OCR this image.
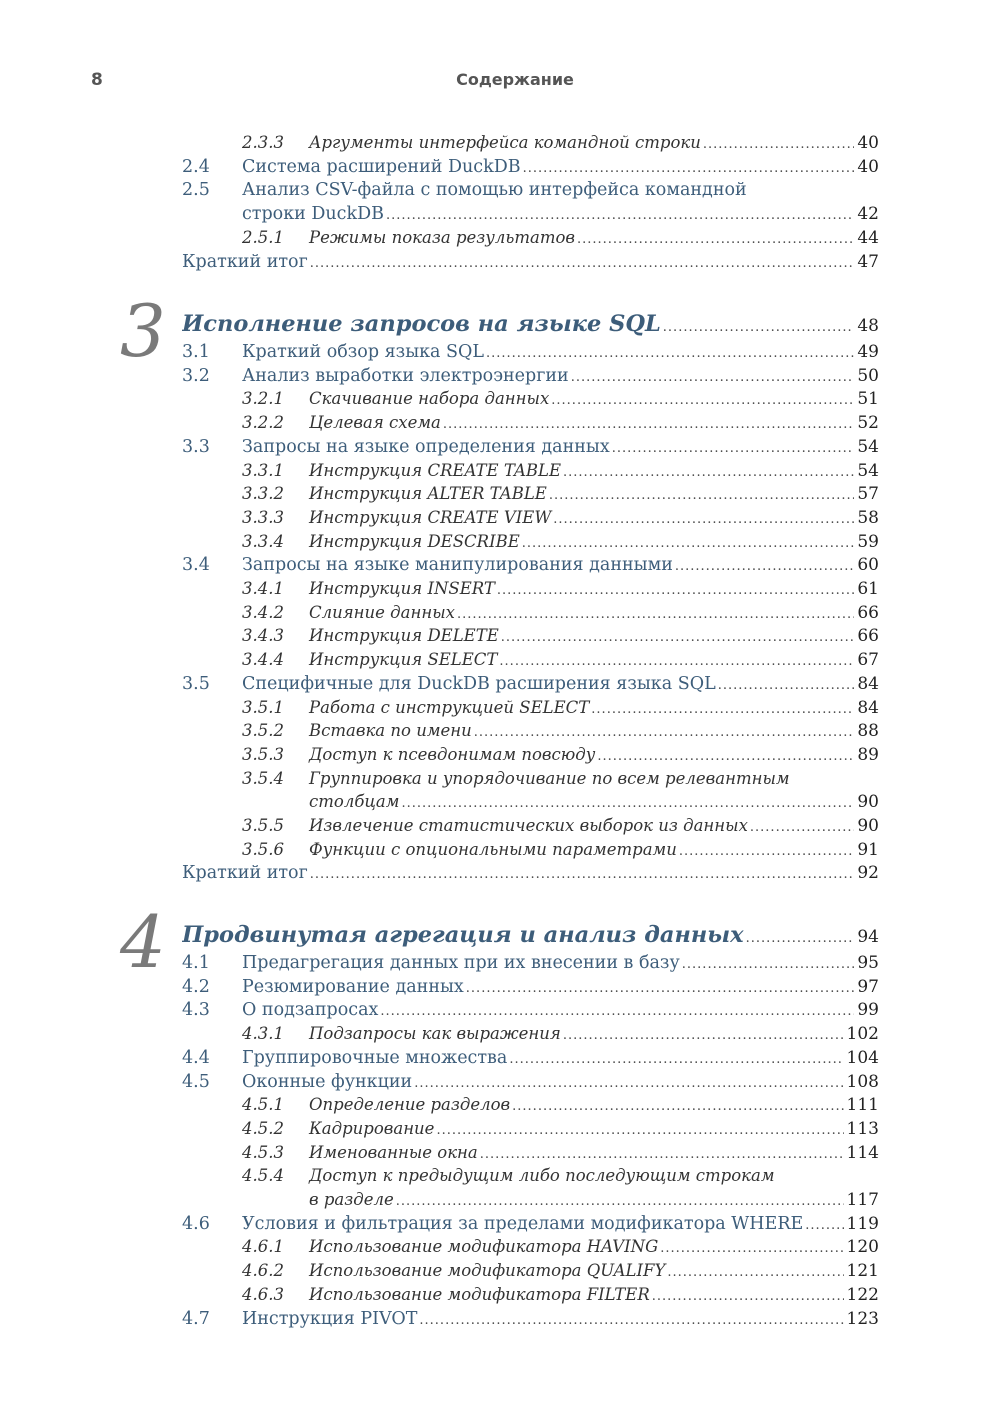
8	Содержание
2.3.3 Аргументы интерфейса командной строки .....	40
2.4 Система расширений DuckDB .....	40
2.5 Анализ CSV-файла с помощью интерфейса командной
строки DuckDB .....	42
2.5.1 Режимы показа результатов .....	44
Краткий итог .....	47
3 Исполнение запросов на языке SQL .....	48
3.1 Краткий обзор языка SQL .....	49
3.2 Анализ выработки электроэнергии .....	50
3.2.1 Скачивание набора данных .....	51
3.2.2 Целевая схема .....	52
3.3 Запросы на языке определения данных .....	54
3.3.1 Инструкция CREATE TABLE .....	54
3.3.2 Инструкция ALTER TABLE .....	57
3.3.3 Инструкция CREATE VIEW .....	58
3.3.4 Инструкция DESCRIBE .....	59
3.4 Запросы на языке манипулирования данными .....	60
3.4.1 Инструкция INSERT .....	61
3.4.2 Слияние данных .....	66
3.4.3 Инструкция DELETE .....	66
3.4.4 Инструкция SELECT .....	67
3.5 Специфичные для DuckDB расширения языка SQL .....	84
3.5.1 Работа с инструкцией SELECT .....	84
3.5.2 Вставка по имени .....	88
3.5.3 Доступ к псевдонимам повсюду .....	89
3.5.4 Группировка и упорядочивание по всем релевантным
столбцам .....	90
3.5.5 Извлечение статистических выборок из данных .....	90
3.5.6 Функции с опциональными параметрами .....	91
Краткий итог .....	92
4 Продвинутая агрегация и анализ данных .....	94
4.1 Предагрегация данных при их внесении в базу .....	95
4.2 Резюмирование данных .....	97
4.3 О подзапросах .....	99
4.3.1 Подзапросы как выражения .....	102
4.4 Группировочные множества .....	104
4.5 Оконные функции .....	108
4.5.1 Определение разделов .....	111
4.5.2 Кадрирование .....	113
4.5.3 Именованные окна .....	114
4.5.4 Доступ к предыдущим либо последующим строкам
в разделе .....	117
4.6 Условия и фильтрация за пределами модификатора WHERE .....	119
4.6.1 Использование модификатора HAVING .....	120
4.6.2 Использование модификатора QUALIFY .....	121
4.6.3 Использование модификатора FILTER .....	122
4.7 Инструкция PIVOT .....	123
